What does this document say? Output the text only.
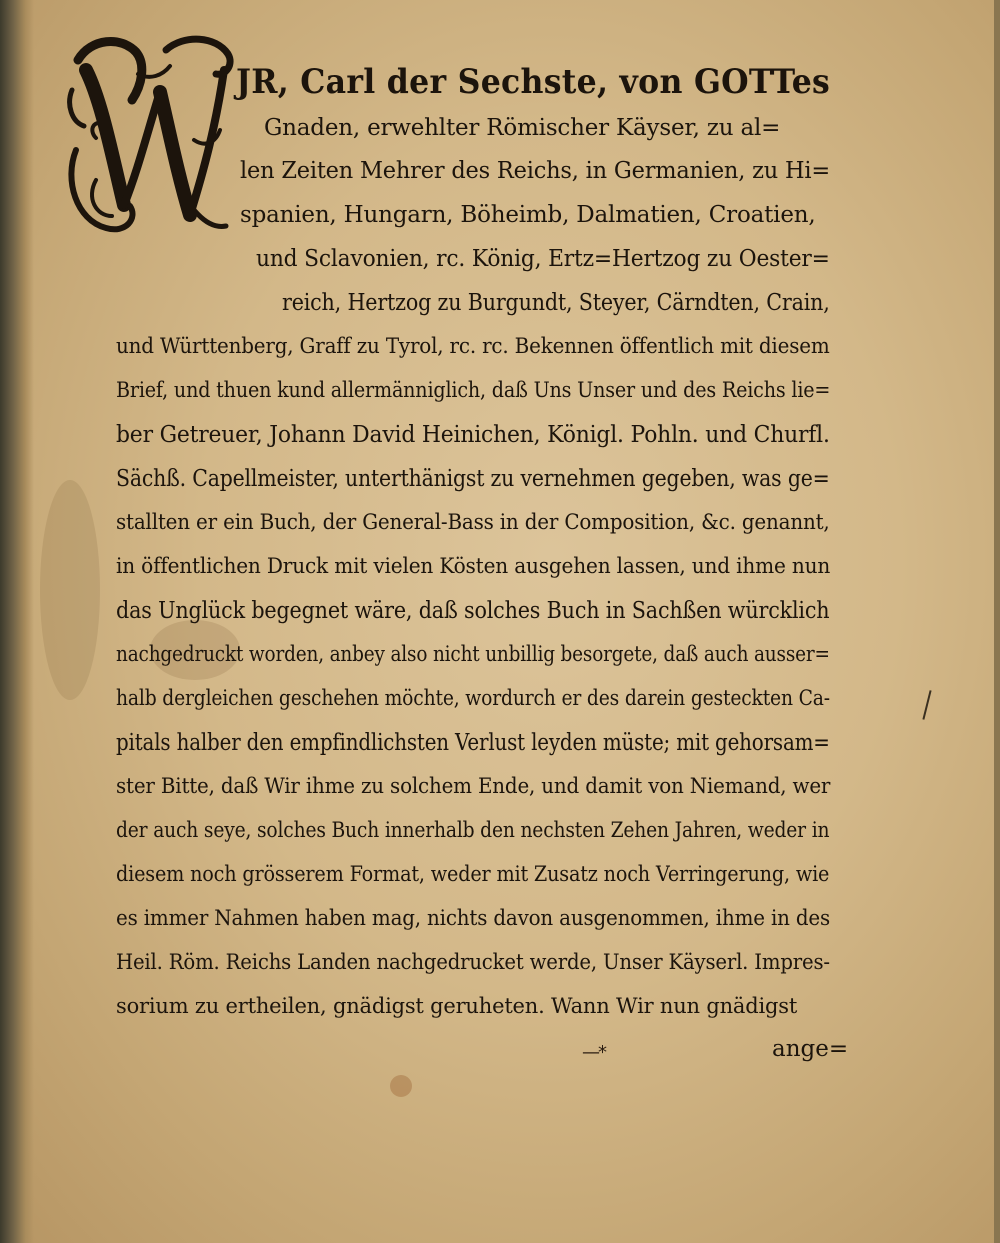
JR, Carl der Sechste, von GOTTes
Gnaden, erwehlter Römischer Käyser, zu al=
len Zeiten Mehrer des Reichs, in Germanien, zu Hi=
spanien, Hungarn, Böheimb, Dalmatien, Croatien,
und Sclavonien, rc. König, Ertz=Hertzog zu Oester=
reich, Hertzog zu Burgundt, Steyer, Cärndten, Crain,
und Württenberg, Graff zu Tyrol, rc. rc. Bekennen öffentlich mit diesem
Brief, und thuen kund allermänniglich, daß Uns Unser und des Reichs lie=
ber Getreuer, Johann David Heinichen, Königl. Pohln. und Churfl.
Sächß. Capellmeister, unterthänigst zu vernehmen gegeben, was ge=
stallten er ein Buch, der General-Bass in der Composition, &c. genannt,
in öffentlichen Druck mit vielen Kösten ausgehen lassen, und ihme nun
das Unglück begegnet wäre, daß solches Buch in Sachßen würcklich
nachgedruckt worden, anbey also nicht unbillig besorgete, daß auch ausser=
halb dergleichen geschehen möchte, wordurch er des darein gesteckten Ca-
pitals halber den empfindlichsten Verlust leyden müste; mit gehorsam=
ster Bitte, daß Wir ihme zu solchem Ende, und damit von Niemand, wer
der auch seye, solches Buch innerhalb den nechsten Zehen Jahren, weder in
diesem noch grösserem Format, weder mit Zusatz noch Verringerung, wie
es immer Nahmen haben mag, nichts davon ausgenommen, ihme in des
Heil. Röm. Reichs Landen nachgedrucket werde, Unser Käyserl. Impres-
sorium zu ertheilen, gnädigst geruheten. Wann Wir nun gnädigst
—*	ange=
